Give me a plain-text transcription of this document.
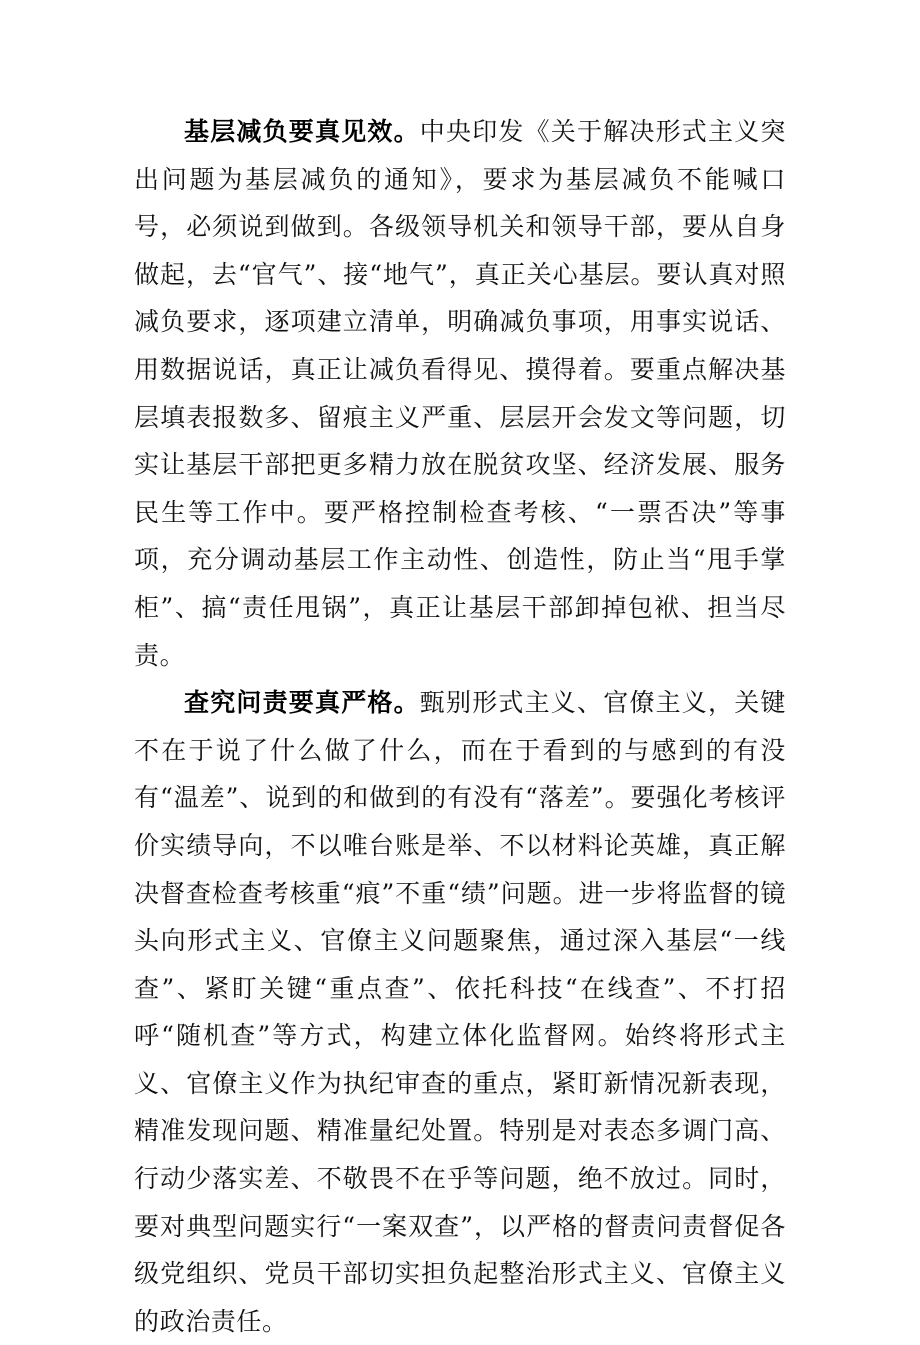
基层减负要真见效。中央印发《关于解决形式主义突出问题为基层减负的通知》，要求为基层减负不能喊口号，必须说到做到。各级领导机关和领导干部，要从自身做起，去“官气”、接“地气”，真正关心基层。要认真对照减负要求，逐项建立清单，明确减负事项，用事实说话、用数据说话，真正让减负看得见、摸得着。要重点解决基层填表报数多、留痕主义严重、层层开会发文等问题，切实让基层干部把更多精力放在脱贫攻坚、经济发展、服务民生等工作中。要严格控制检查考核、“一票否决”等事项，充分调动基层工作主动性、创造性，防止当“甩手掌柜”、搞“责任甩锅”，真正让基层干部卸掉包袱、担当尽责。

查究问责要真严格。甄别形式主义、官僚主义，关键不在于说了什么做了什么，而在于看到的与感到的有没有“温差”、说到的和做到的有没有“落差”。要强化考核评价实绩导向，不以唯台账是举、不以材料论英雄，真正解决督查检查考核重“痕”不重“绩”问题。进一步将监督的镜头向形式主义、官僚主义问题聚焦，通过深入基层“一线查”、紧盯关键“重点查”、依托科技“在线查”、不打招呼“随机查”等方式，构建立体化监督网。始终将形式主义、官僚主义作为执纪审查的重点，紧盯新情况新表现，精准发现问题、精准量纪处置。特别是对表态多调门高、行动少落实差、不敬畏不在乎等问题，绝不放过。同时，要对典型问题实行“一案双查”，以严格的督责问责督促各级党组织、党员干部切实担负起整治形式主义、官僚主义的政治责任。
